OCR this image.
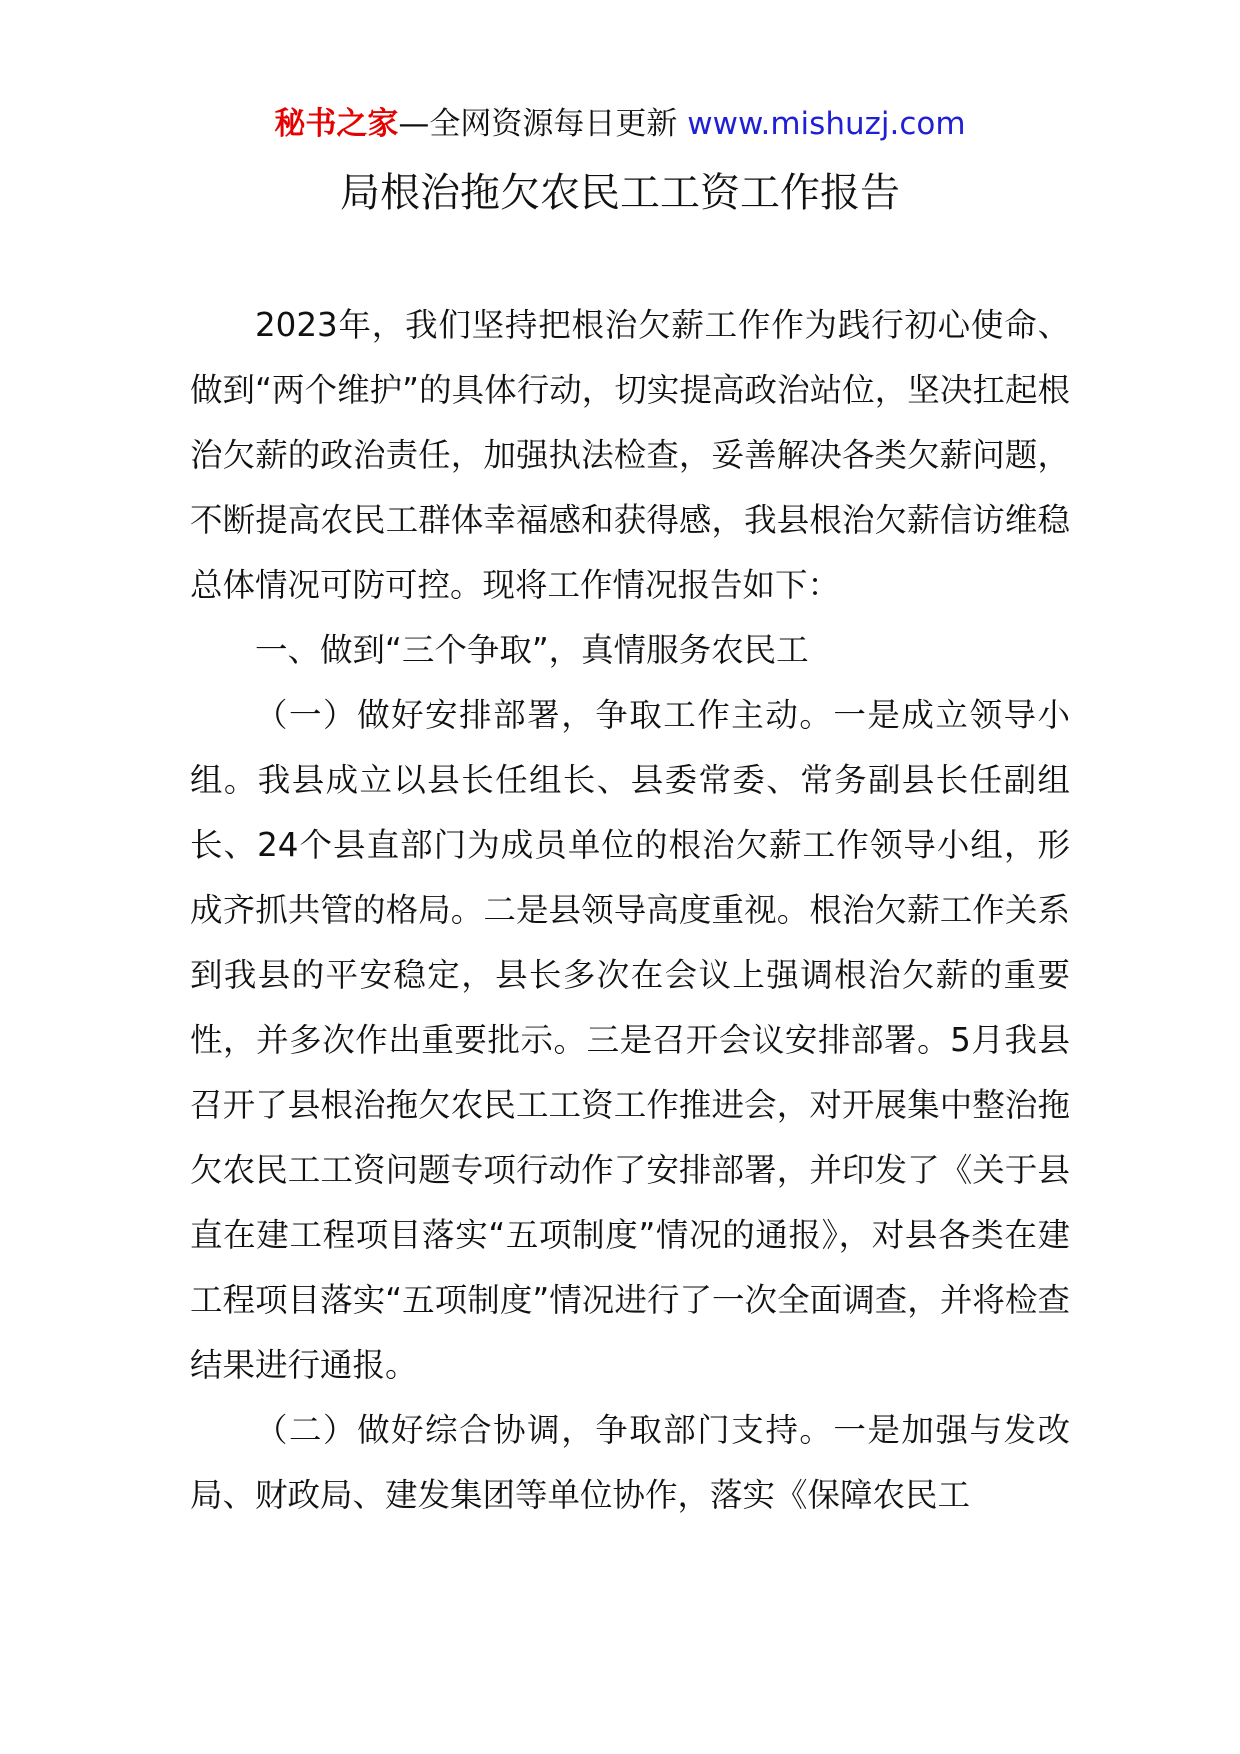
秘书之家—全网资源每日更新 www.mishuzj.com
局根治拖欠农民工工资工作报告

2023年，我们坚持把根治欠薪工作作为践行初心使命、做到“两个维护”的具体行动，切实提高政治站位，坚决扛起根治欠薪的政治责任，加强执法检查，妥善解决各类欠薪问题，不断提高农民工群体幸福感和获得感，我县根治欠薪信访维稳总体情况可防可控。现将工作情况报告如下：

一、做到“三个争取”，真情服务农民工

（一）做好安排部署，争取工作主动。一是成立领导小组。我县成立以县长任组长、县委常委、常务副县长任副组长、24个县直部门为成员单位的根治欠薪工作领导小组，形成齐抓共管的格局。二是县领导高度重视。根治欠薪工作关系到我县的平安稳定，县长多次在会议上强调根治欠薪的重要性，并多次作出重要批示。三是召开会议安排部署。5月我县召开了县根治拖欠农民工工资工作推进会，对开展集中整治拖欠农民工工资问题专项行动作了安排部署，并印发了《关于县直在建工程项目落实“五项制度”情况的通报》，对县各类在建工程项目落实“五项制度”情况进行了一次全面调查，并将检查结果进行通报。

（二）做好综合协调，争取部门支持。一是加强与发改局、财政局、建发集团等单位协作，落实《保障农民工
